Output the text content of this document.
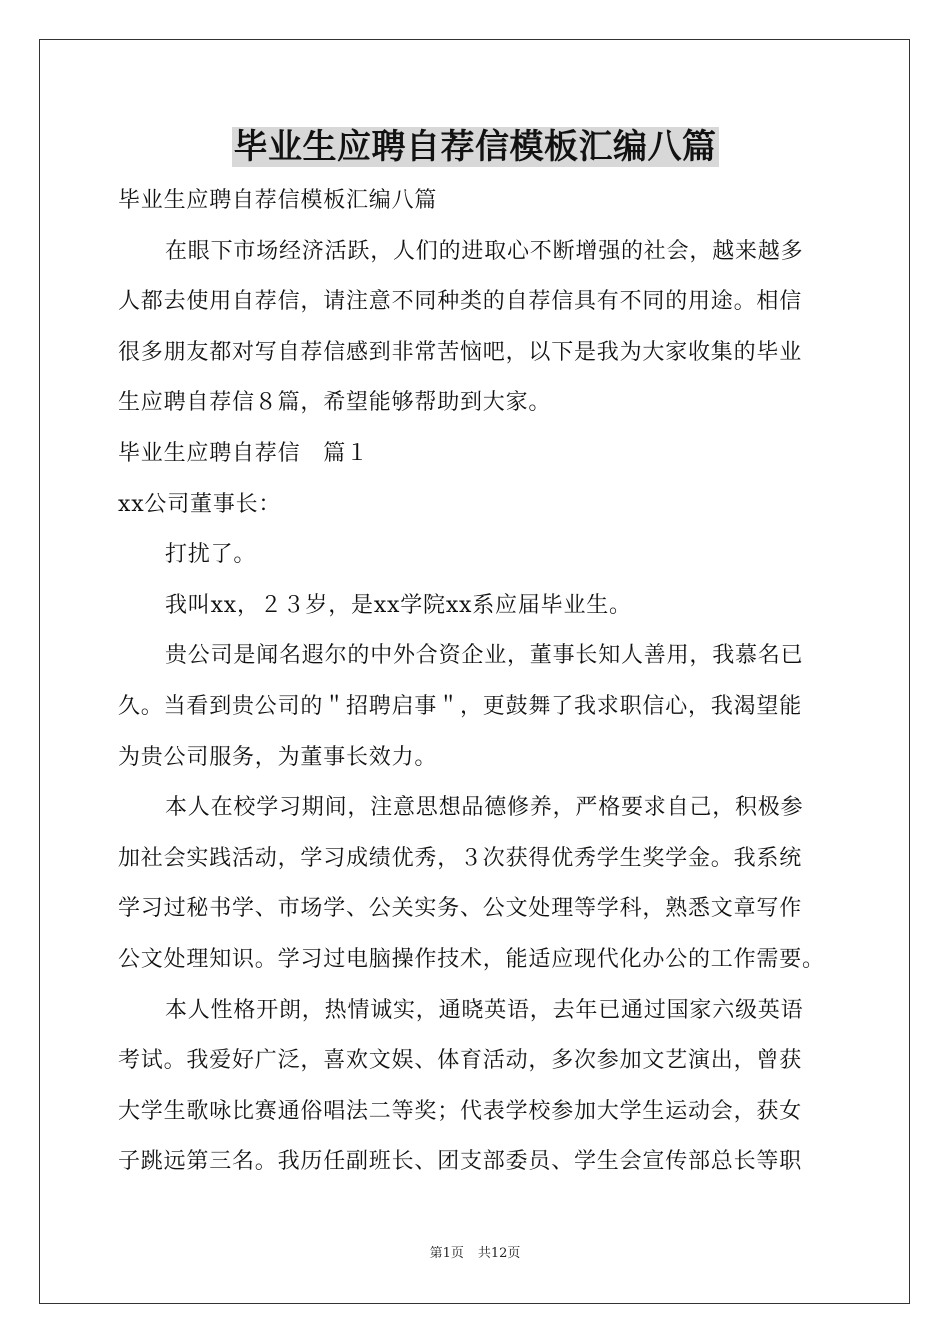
毕业生应聘自荐信模板汇编八篇
毕业生应聘自荐信模板汇编八篇
在眼下市场经济活跃，人们的进取心不断增强的社会，越来越多
人都去使用自荐信，请注意不同种类的自荐信具有不同的用途。相信
很多朋友都对写自荐信感到非常苦恼吧，以下是我为大家收集的毕业
生应聘自荐信８篇，希望能够帮助到大家。
毕业生应聘自荐信　篇１
xx公司董事长：
打扰了。
我叫xx，２３岁，是xx学院xx系应届毕业生。
贵公司是闻名遐尔的中外合资企业，董事长知人善用，我慕名已
久。当看到贵公司的＂招聘启事＂，更鼓舞了我求职信心，我渴望能
为贵公司服务，为董事长效力。
本人在校学习期间，注意思想品德修养，严格要求自己，积极参
加社会实践活动，学习成绩优秀，３次获得优秀学生奖学金。我系统
学习过秘书学、市场学、公关实务、公文处理等学科，熟悉文章写作
公文处理知识。学习过电脑操作技术，能适应现代化办公的工作需要。
本人性格开朗，热情诚实，通晓英语，去年已通过国家六级英语
考试。我爱好广泛，喜欢文娱、体育活动，多次参加文艺演出，曾获
大学生歌咏比赛通俗唱法二等奖；代表学校参加大学生运动会，获女
子跳远第三名。我历任副班长、团支部委员、学生会宣传部总长等职
第1页 共12页
